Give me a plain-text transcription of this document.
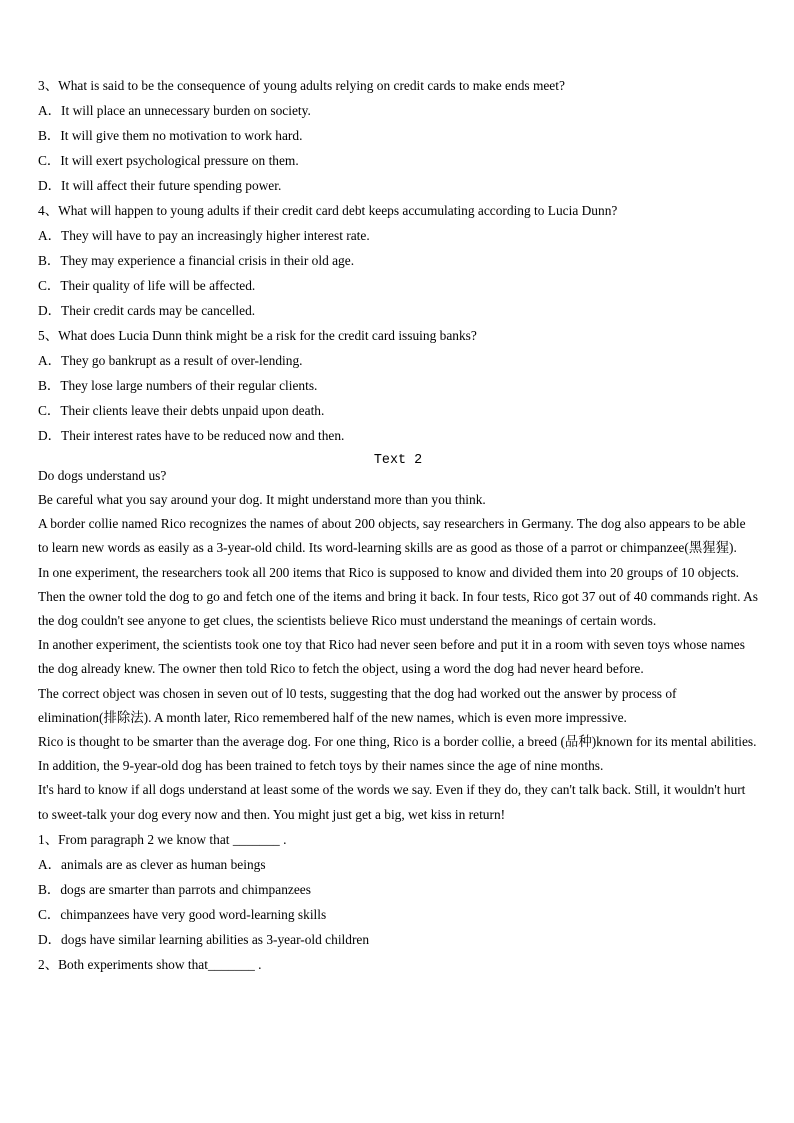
3、What is said to be the consequence of young adults relying on credit cards to make ends meet?
A．It will place an unnecessary burden on society.
B．It will give them no motivation to work hard.
C．It will exert psychological pressure on them.
D．It will affect their future spending power.
4、What will happen to young adults if their credit card debt keeps accumulating according to Lucia Dunn?
A．They will have to pay an increasingly higher interest rate.
B．They may experience a financial crisis in their old age.
C．Their quality of life will be affected.
D．Their credit cards may be cancelled.
5、What does Lucia Dunn think might be a risk for the credit card issuing banks?
A．They go bankrupt as a result of over-lending.
B．They lose large numbers of their regular clients.
C．Their clients leave their debts unpaid upon death.
D．Their interest rates have to be reduced now and then.
Text 2
Do dogs understand us?
Be careful what you say around your dog. It might understand more than you think.
A border collie named Rico recognizes the names of about 200 objects, say researchers in Germany. The dog also appears to be able to learn new words as easily as a 3-year-old child. Its word-learning skills are as good as those of a parrot or chimpanzee(黑猩猩).
In one experiment, the researchers took all 200 items that Rico is supposed to know and divided them into 20 groups of 10 objects. Then the owner told the dog to go and fetch one of the items and bring it back. In four tests, Rico got 37 out of 40 commands right. As the dog couldn't see anyone to get clues, the scientists believe Rico must understand the meanings of certain words.
In another experiment, the scientists took one toy that Rico had never seen before and put it in a room with seven toys whose names the dog already knew. The owner then told Rico to fetch the object, using a word the dog had never heard before.
The correct object was chosen in seven out of l0 tests, suggesting that the dog had worked out the answer by process of elimination(排除法). A month later, Rico remembered half of the new names, which is even more impressive.
Rico is thought to be smarter than the average dog. For one thing, Rico is a border collie, a breed (品种)known for its mental abilities. In addition, the 9-year-old dog has been trained to fetch toys by their names since the age of nine months.
It's hard to know if all dogs understand at least some of the words we say. Even if they do, they can't talk back. Still, it wouldn't hurt to sweet-talk your dog every now and then. You might just get a big, wet kiss in return!
1、From paragraph 2 we know that _______ .
A．animals are as clever as human beings
B．dogs are smarter than parrots and chimpanzees
C．chimpanzees have very good word-learning skills
D．dogs have similar learning abilities as 3-year-old children
2、Both experiments show that_______ .
